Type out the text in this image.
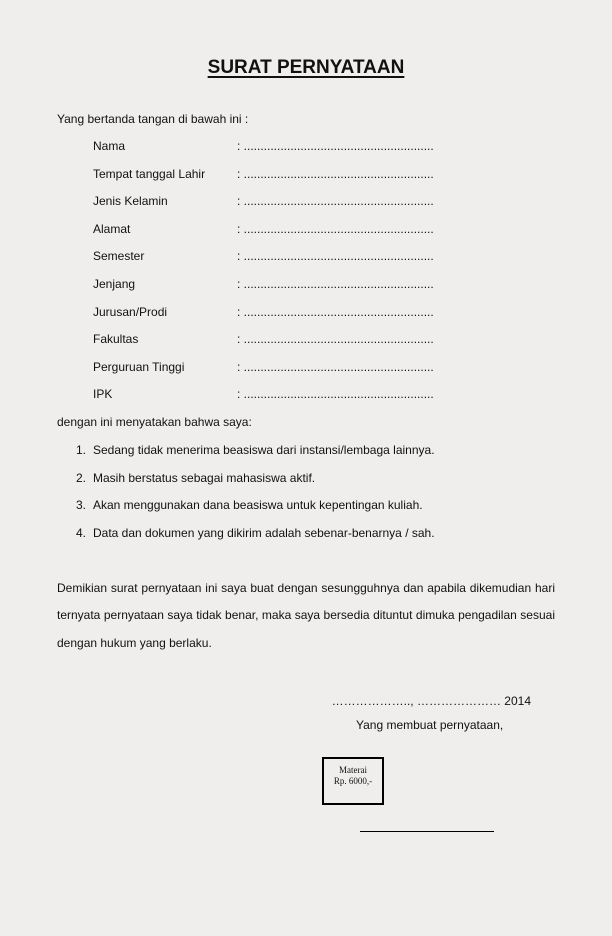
SURAT PERNYATAAN
Yang bertanda tangan di bawah ini :
Nama	: .........................................................
Tempat tanggal Lahir	: .........................................................
Jenis Kelamin	: .........................................................
Alamat	: .........................................................
Semester	: .........................................................
Jenjang	: .........................................................
Jurusan/Prodi	: .........................................................
Fakultas	: .........................................................
Perguruan Tinggi	: .........................................................
IPK	: .........................................................
dengan ini menyatakan bahwa saya:
1. Sedang tidak menerima beasiswa dari instansi/lembaga lainnya.
2. Masih berstatus sebagai mahasiswa aktif.
3. Akan menggunakan dana beasiswa untuk kepentingan kuliah.
4. Data dan dokumen yang dikirim adalah sebenar-benarnya / sah.
Demikian surat pernyataan ini saya buat dengan sesungguhnya dan apabila dikemudian hari
ternyata pernyataan saya tidak benar, maka saya bersedia dituntut dimuka pengadilan sesuai
dengan hukum yang berlaku.
……………….., ………………… 2014
Yang membuat pernyataan,
Materai
Rp. 6000,-
